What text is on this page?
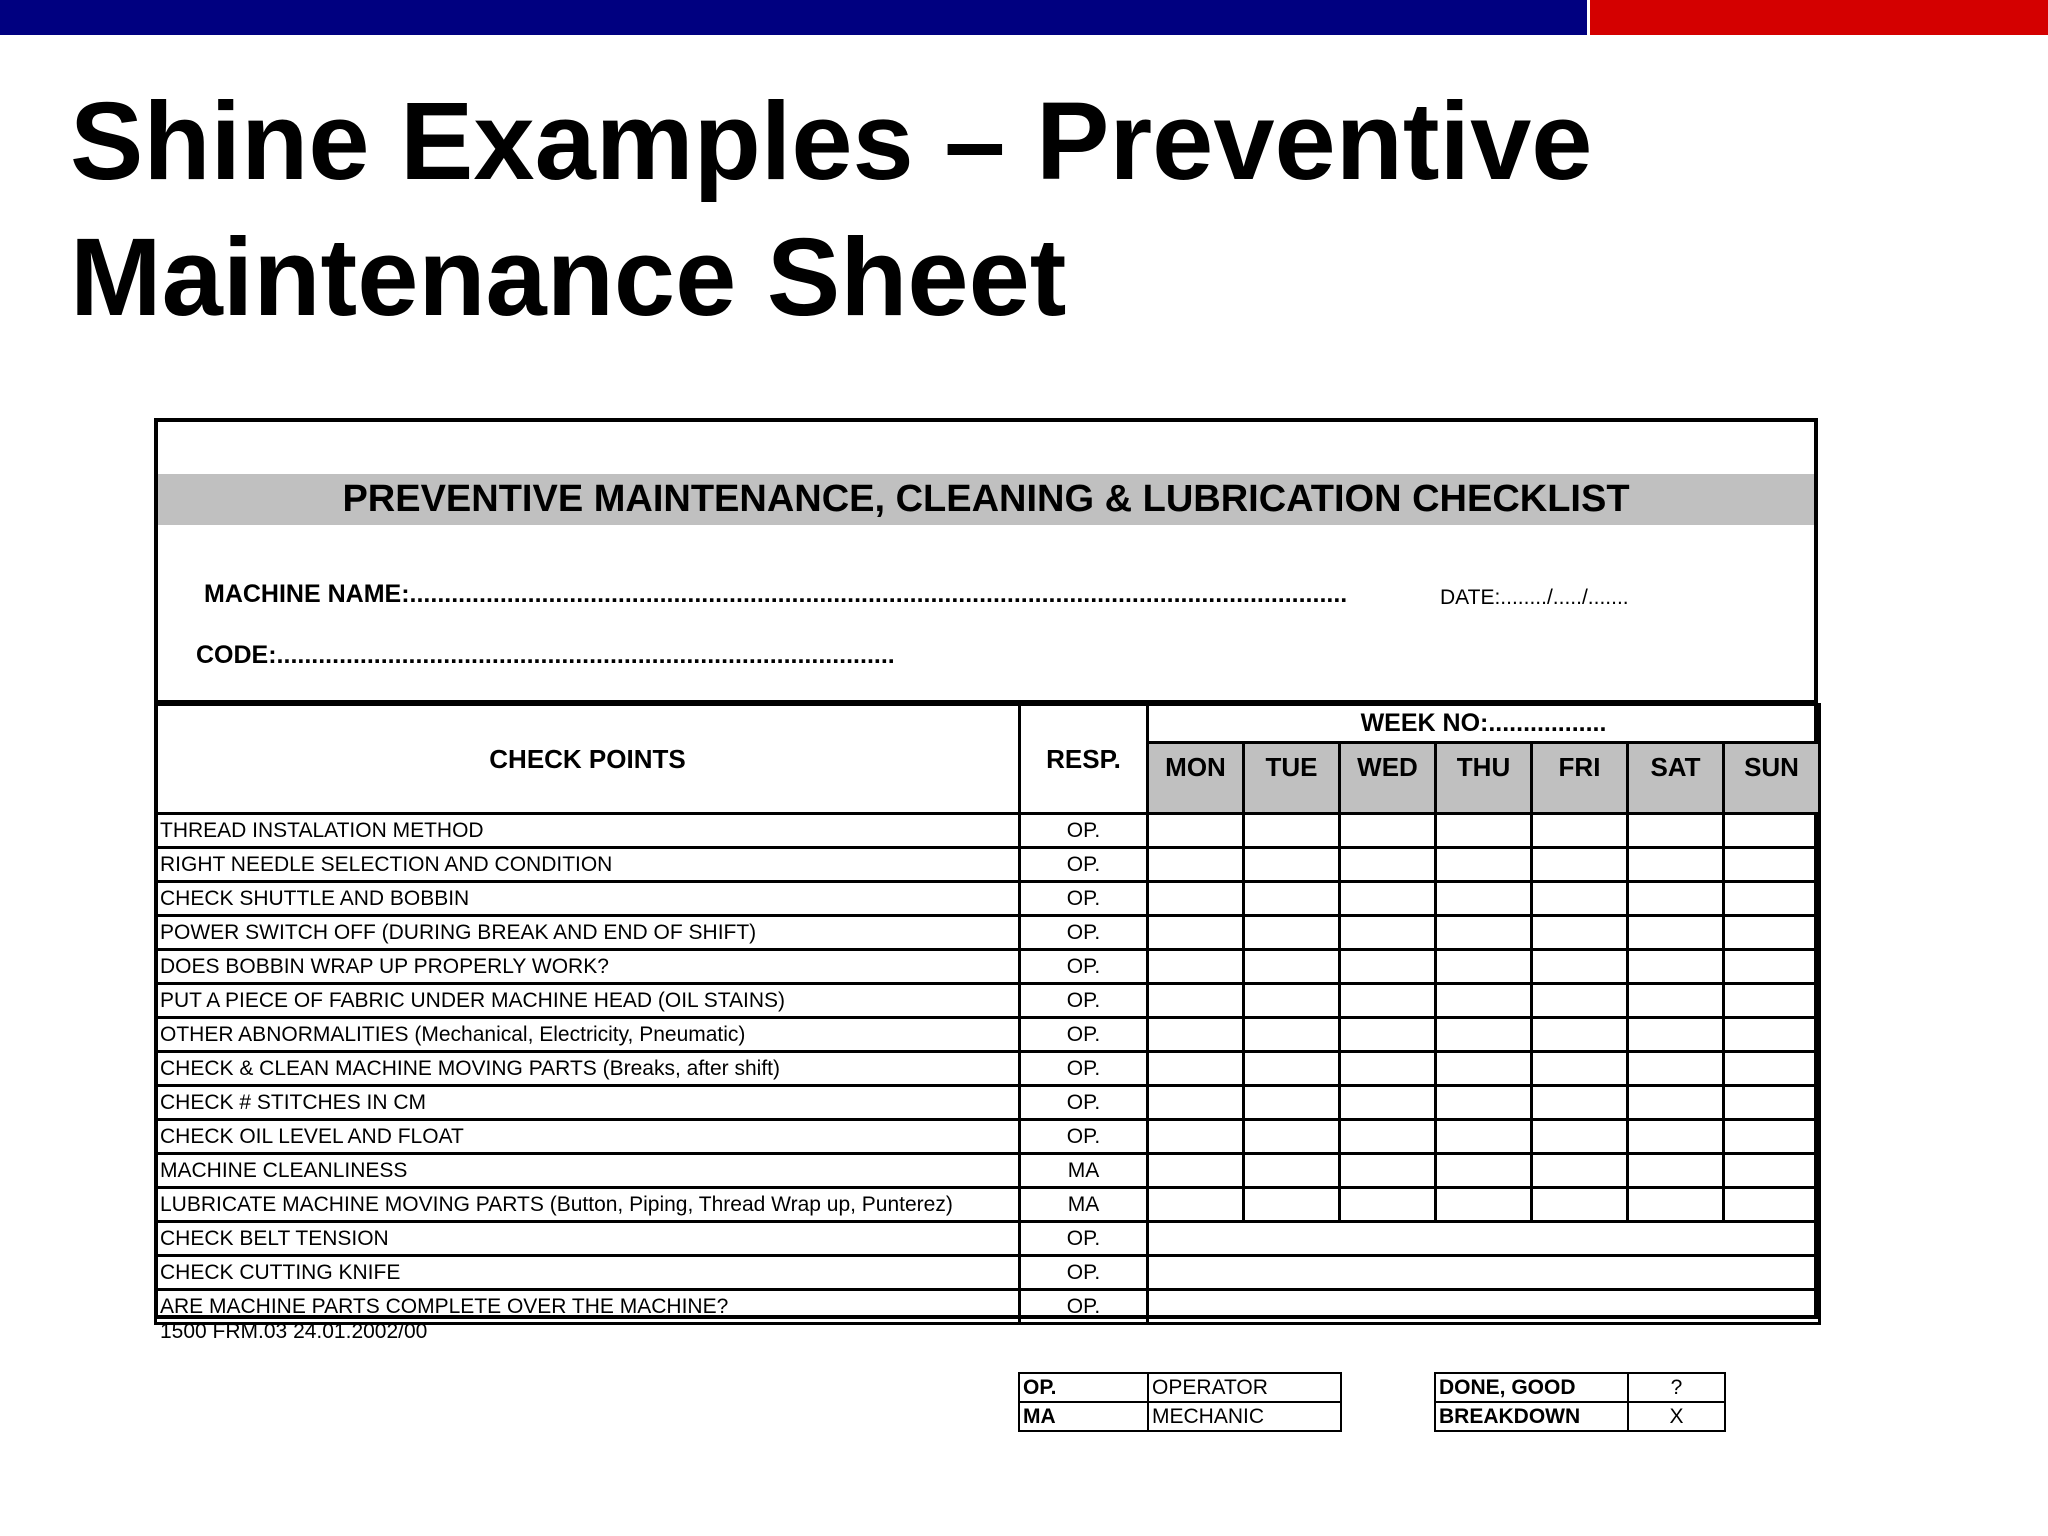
Shine Examples – Preventive
Maintenance Sheet
PREVENTIVE MAINTENANCE, CLEANING & LUBRICATION CHECKLIST
MACHINE NAME:.......................................................................................................................................	DATE:......../...../.......
CODE:.........................................................................................
CHECK POINTS	RESP.	WEEK NO:.................						
		MON	TUE	WED	THU	FRI	SAT	SUN
THREAD INSTALATION METHOD	OP.							
RIGHT NEEDLE SELECTION AND CONDITION	OP.							
CHECK SHUTTLE AND BOBBIN	OP.							
POWER SWITCH OFF (DURING BREAK AND END OF SHIFT)	OP.							
DOES BOBBIN WRAP UP PROPERLY WORK?	OP.							
PUT A PIECE OF FABRIC UNDER MACHINE HEAD (OIL STAINS)	OP.							
OTHER ABNORMALITIES (Mechanical, Electricity, Pneumatic)	OP.							
CHECK & CLEAN MACHINE MOVING PARTS (Breaks, after shift)	OP.							
CHECK # STITCHES IN CM	OP.							
CHECK OIL LEVEL AND FLOAT	OP.							
MACHINE CLEANLINESS	MA							
LUBRICATE MACHINE MOVING PARTS (Button, Piping, Thread Wrap up, Punterez)	MA							
CHECK BELT TENSION	OP.							
CHECK CUTTING KNIFE	OP.							
ARE MACHINE PARTS COMPLETE OVER THE MACHINE?	OP.							
1500 FRM.03 24.01.2002/00
OP.	OPERATOR
MA	MECHANIC
DONE, GOOD	?
BREAKDOWN	X
